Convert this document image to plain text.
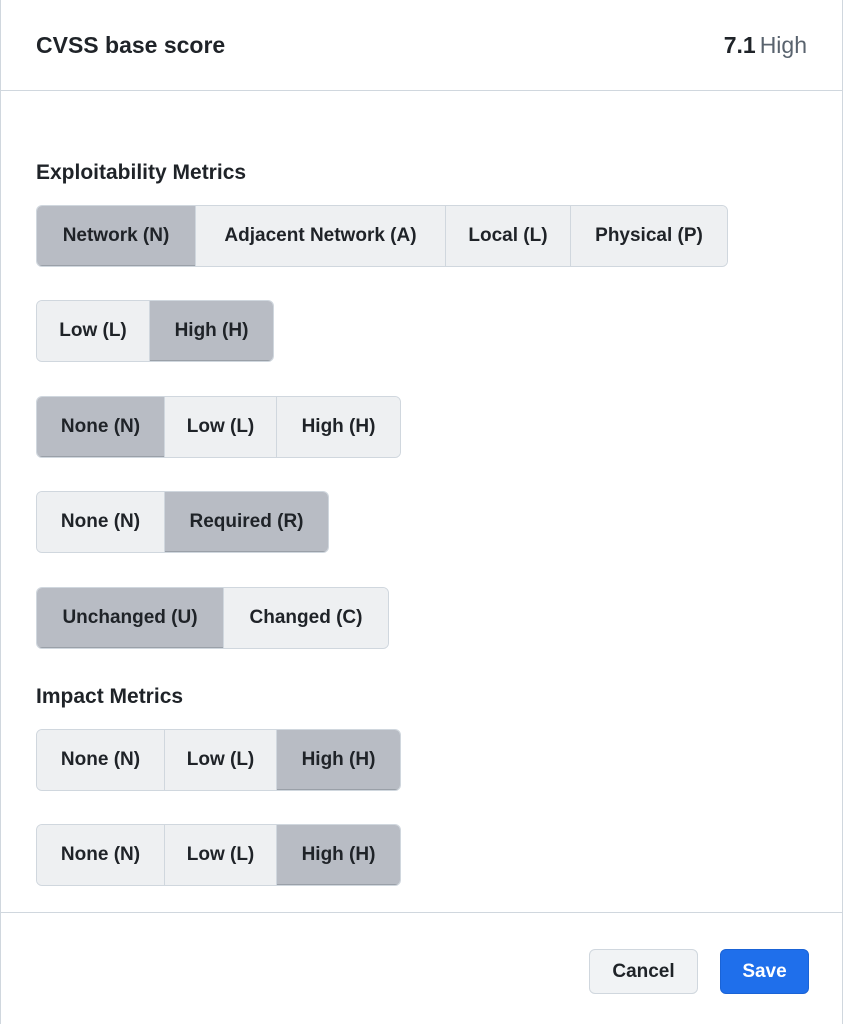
CVSS base score	7.1 High
Exploitability Metrics
Network (N)	Adjacent Network (A)	Local (L)	Physical (P)
Low (L)	High (H)
None (N)	Low (L)	High (H)
None (N)	Required (R)
Unchanged (U)	Changed (C)
Impact Metrics
None (N)	Low (L)	High (H)
None (N)	Low (L)	High (H)
Cancel	Save
